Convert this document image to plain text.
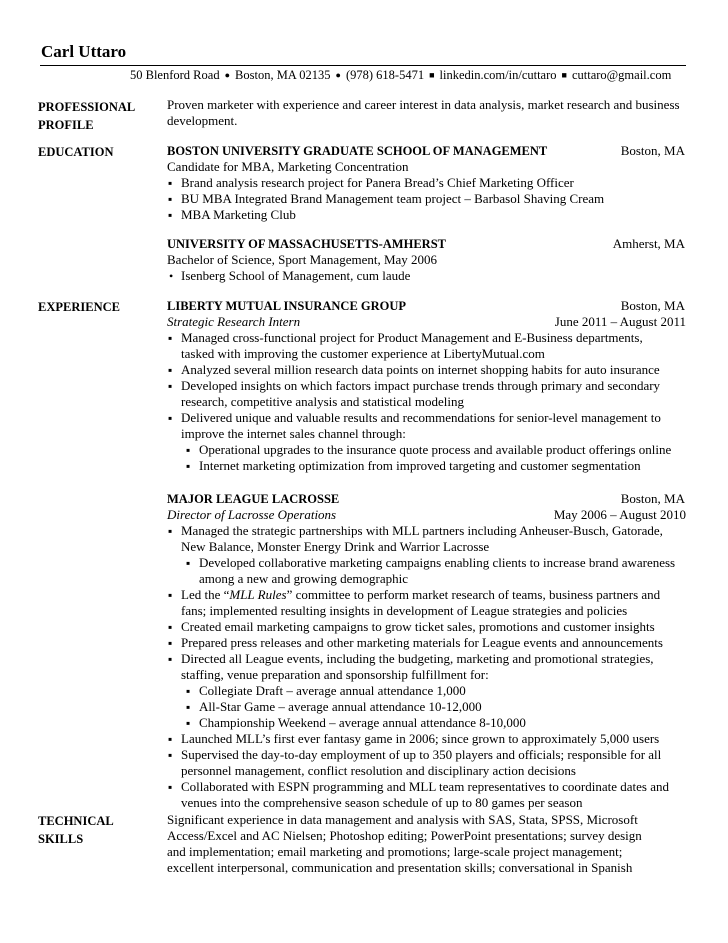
Carl Uttaro
50 Blenford Road ● Boston, MA 02135 ● (978) 618-5471 ■ linkedin.com/in/cuttaro ■ cuttaro@gmail.com
PROFESSIONAL
PROFILE
Proven marketer with experience and career interest in data analysis, market research and business
development.
EDUCATION	BOSTON UNIVERSITY GRADUATE SCHOOL OF MANAGEMENT	Boston, MA
Candidate for MBA, Marketing Concentration
▪ Brand analysis research project for Panera Bread’s Chief Marketing Officer
▪ BU MBA Integrated Brand Management team project – Barbasol Shaving Cream
▪ MBA Marketing Club
UNIVERSITY OF MASSACHUSETTS-AMHERST	Amherst, MA
Bachelor of Science, Sport Management, May 2006
• Isenberg School of Management, cum laude
EXPERIENCE	LIBERTY MUTUAL INSURANCE GROUP	Boston, MA
Strategic Research Intern	June 2011 – August 2011
▪ Managed cross-functional project for Product Management and E-Business departments,
tasked with improving the customer experience at LibertyMutual.com
▪ Analyzed several million research data points on internet shopping habits for auto insurance
▪ Developed insights on which factors impact purchase trends through primary and secondary
research, competitive analysis and statistical modeling
▪ Delivered unique and valuable results and recommendations for senior-level management to
improve the internet sales channel through:
▪ Operational upgrades to the insurance quote process and available product offerings online
▪ Internet marketing optimization from improved targeting and customer segmentation
MAJOR LEAGUE LACROSSE	Boston, MA
Director of Lacrosse Operations	May 2006 – August 2010
▪ Managed the strategic partnerships with MLL partners including Anheuser-Busch, Gatorade,
New Balance, Monster Energy Drink and Warrior Lacrosse
▪ Developed collaborative marketing campaigns enabling clients to increase brand awareness
among a new and growing demographic
▪ Led the “MLL Rules” committee to perform market research of teams, business partners and
fans; implemented resulting insights in development of League strategies and policies
▪ Created email marketing campaigns to grow ticket sales, promotions and customer insights
▪ Prepared press releases and other marketing materials for League events and announcements
▪ Directed all League events, including the budgeting, marketing and promotional strategies,
staffing, venue preparation and sponsorship fulfillment for:
▪ Collegiate Draft – average annual attendance 1,000
▪ All-Star Game – average annual attendance 10-12,000
▪ Championship Weekend – average annual attendance 8-10,000
▪ Launched MLL’s first ever fantasy game in 2006; since grown to approximately 5,000 users
▪ Supervised the day-to-day employment of up to 350 players and officials; responsible for all
personnel management, conflict resolution and disciplinary action decisions
▪ Collaborated with ESPN programming and MLL team representatives to coordinate dates and
venues into the comprehensive season schedule of up to 80 games per season
TECHNICAL
SKILLS
Significant experience in data management and analysis with SAS, Stata, SPSS, Microsoft
Access/Excel and AC Nielsen; Photoshop editing; PowerPoint presentations; survey design
and implementation; email marketing and promotions; large-scale project management;
excellent interpersonal, communication and presentation skills; conversational in Spanish
